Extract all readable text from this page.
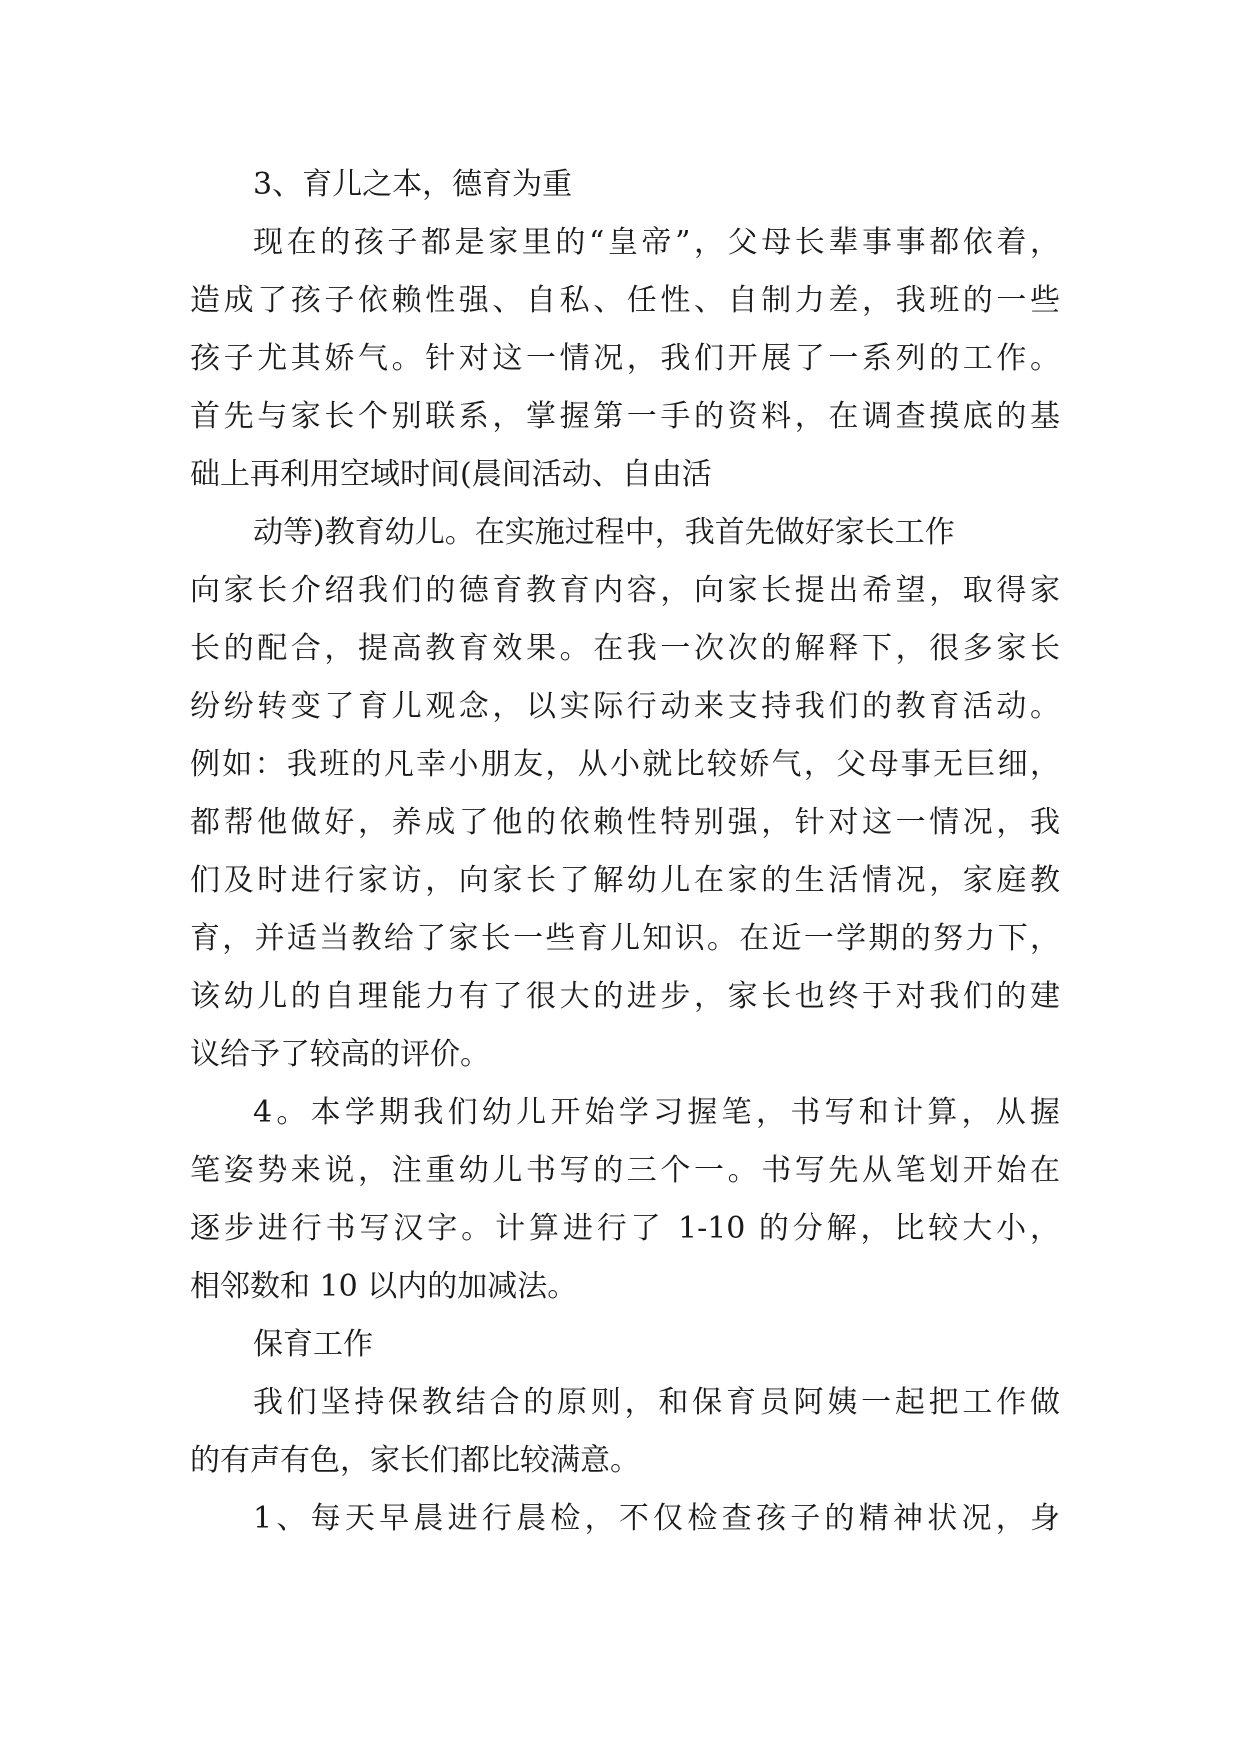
3、育儿之本，德育为重
现在的孩子都是家里的“皇帝”，父母长辈事事都依着，
造成了孩子依赖性强、自私、任性、自制力差，我班的一些
孩子尤其娇气。针对这一情况，我们开展了一系列的工作。
首先与家长个别联系，掌握第一手的资料，在调查摸底的基
础上再利用空域时间(晨间活动、自由活
动等)教育幼儿。在实施过程中，我首先做好家长工作
向家长介绍我们的德育教育内容，向家长提出希望，取得家
长的配合，提高教育效果。在我一次次的解释下，很多家长
纷纷转变了育儿观念，以实际行动来支持我们的教育活动。
例如：我班的凡幸小朋友，从小就比较娇气，父母事无巨细，
都帮他做好，养成了他的依赖性特别强，针对这一情况，我
们及时进行家访，向家长了解幼儿在家的生活情况，家庭教
育，并适当教给了家长一些育儿知识。在近一学期的努力下，
该幼儿的自理能力有了很大的进步，家长也终于对我们的建
议给予了较高的评价。
4。本学期我们幼儿开始学习握笔，书写和计算，从握
笔姿势来说，注重幼儿书写的三个一。书写先从笔划开始在
逐步进行书写汉字。计算进行了 1-10 的分解，比较大小，
相邻数和 10 以内的加减法。
保育工作
我们坚持保教结合的原则，和保育员阿姨一起把工作做
的有声有色，家长们都比较满意。
1、每天早晨进行晨检，不仅检查孩子的精神状况，身
